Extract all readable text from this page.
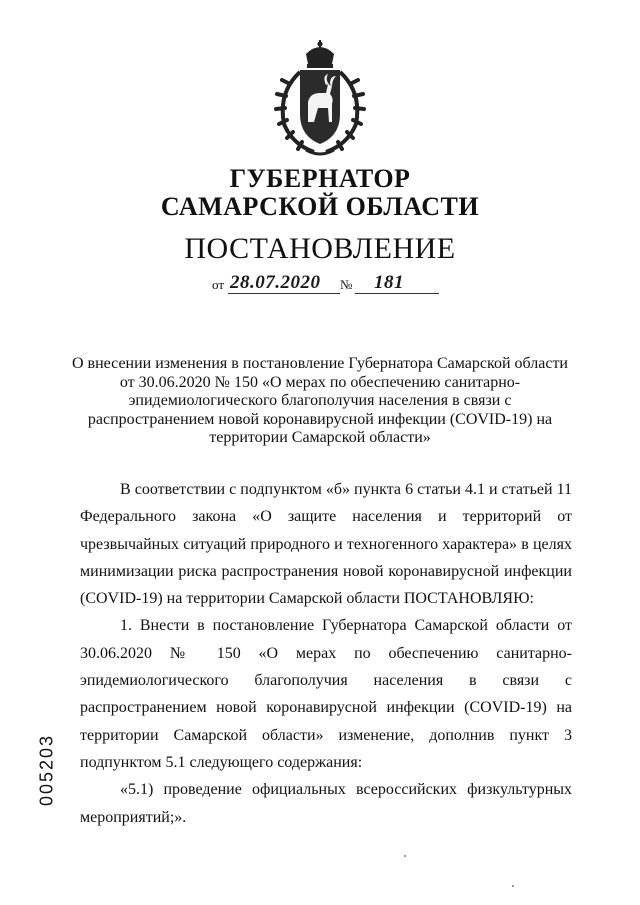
ГУБЕРНАТОР
САМАРСКОЙ ОБЛАСТИ
ПОСТАНОВЛЕНИЕ
от 28.07.2020 № 181
О внесении изменения в постановление Губернатора Самарской области от 30.06.2020 № 150 «О мерах по обеспечению санитарно-эпидемиологического благополучия населения в связи с распространением новой коронавирусной инфекции (COVID-19) на территории Самарской области»

В соответствии с подпунктом «б» пункта 6 статьи 4.1 и статьей 11 Федерального закона «О защите населения и территорий от чрезвычайных ситуаций природного и техногенного характера» в целях минимизации риска распространения новой коронавирусной инфекции (COVID-19) на территории Самарской области ПОСТАНОВЛЯЮ:

1. Внести в постановление Губернатора Самарской области от 30.06.2020 № 150 «О мерах по обеспечению санитарно-эпидемиологического благополучия населения в связи с распространением новой коронавирусной инфекции (COVID-19) на территории Самарской области» изменение, дополнив пункт 3 подпунктом 5.1 следующего содержания:

«5.1) проведение официальных всероссийских физкультурных мероприятий;».

005203
